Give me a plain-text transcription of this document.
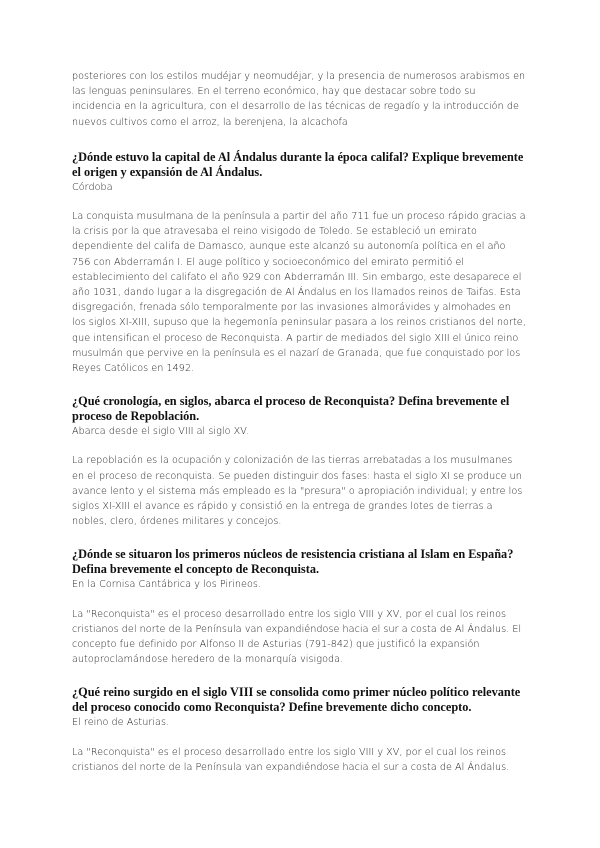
posteriores con los estilos mudéjar y neomudéjar, y la presencia de numerosos arabismos en las lenguas peninsulares. En el terreno económico, hay que destacar sobre todo su incidencia en la agricultura, con el desarrollo de las técnicas de regadío y la introducción de nuevos cultivos como el arroz, la berenjena, la alcachofa

¿Dónde estuvo la capital de Al Ándalus durante la época califal? Explique brevemente el origen y expansión de Al Ándalus.

Córdoba

La conquista musulmana de la península a partir del año 711 fue un proceso rápido gracias a la crisis por la que atravesaba el reino visigodo de Toledo. Se estableció un emirato dependiente del califa de Damasco, aunque este alcanzó su autonomía política en el año 756 con Abderramán I. El auge político y socioeconómico del emirato permitió el establecimiento del califato el año 929 con Abderramán III. Sin embargo, este desaparece el año 1031, dando lugar a la disgregación de Al Ándalus en los llamados reinos de Taifas. Esta disgregación, frenada sólo temporalmente por las invasiones almorávides y almohades en los siglos XI-XIII, supuso que la hegemonía peninsular pasara a los reinos cristianos del norte, que intensifican el proceso de Reconquista. A partir de mediados del siglo XIII el único reino musulmán que pervive en la península es el nazarí de Granada, que fue conquistado por los Reyes Católicos en 1492.

¿Qué cronología, en siglos, abarca el proceso de Reconquista? Defina brevemente el proceso de Repoblación.

Abarca desde el siglo VIII al siglo XV.

La repoblación es la ocupación y colonización de las tierras arrebatadas a los musulmanes en el proceso de reconquista. Se pueden distinguir dos fases: hasta el siglo XI se produce un avance lento y el sistema más empleado es la "presura" o apropiación individual; y entre los siglos XI-XIII el avance es rápido y consistió en la entrega de grandes lotes de tierras a nobles, clero, órdenes militares y concejos.

¿Dónde se situaron los primeros núcleos de resistencia cristiana al Islam en España? Defina brevemente el concepto de Reconquista.

En la Cornisa Cantábrica y los Pirineos.

La "Reconquista" es el proceso desarrollado entre los siglo VIII y XV, por el cual los reinos cristianos del norte de la Península van expandiéndose hacia el sur a costa de Al Ándalus. El concepto fue definido por Alfonso II de Asturias (791-842) que justificó la expansión autoproclamándose heredero de la monarquía visigoda.

¿Qué reino surgido en el siglo VIII se consolida como primer núcleo político relevante del proceso conocido como Reconquista? Define brevemente dicho concepto.

El reino de Asturias.

La "Reconquista" es el proceso desarrollado entre los siglo VIII y XV, por el cual los reinos cristianos del norte de la Península van expandiéndose hacia el sur a costa de Al Ándalus.
